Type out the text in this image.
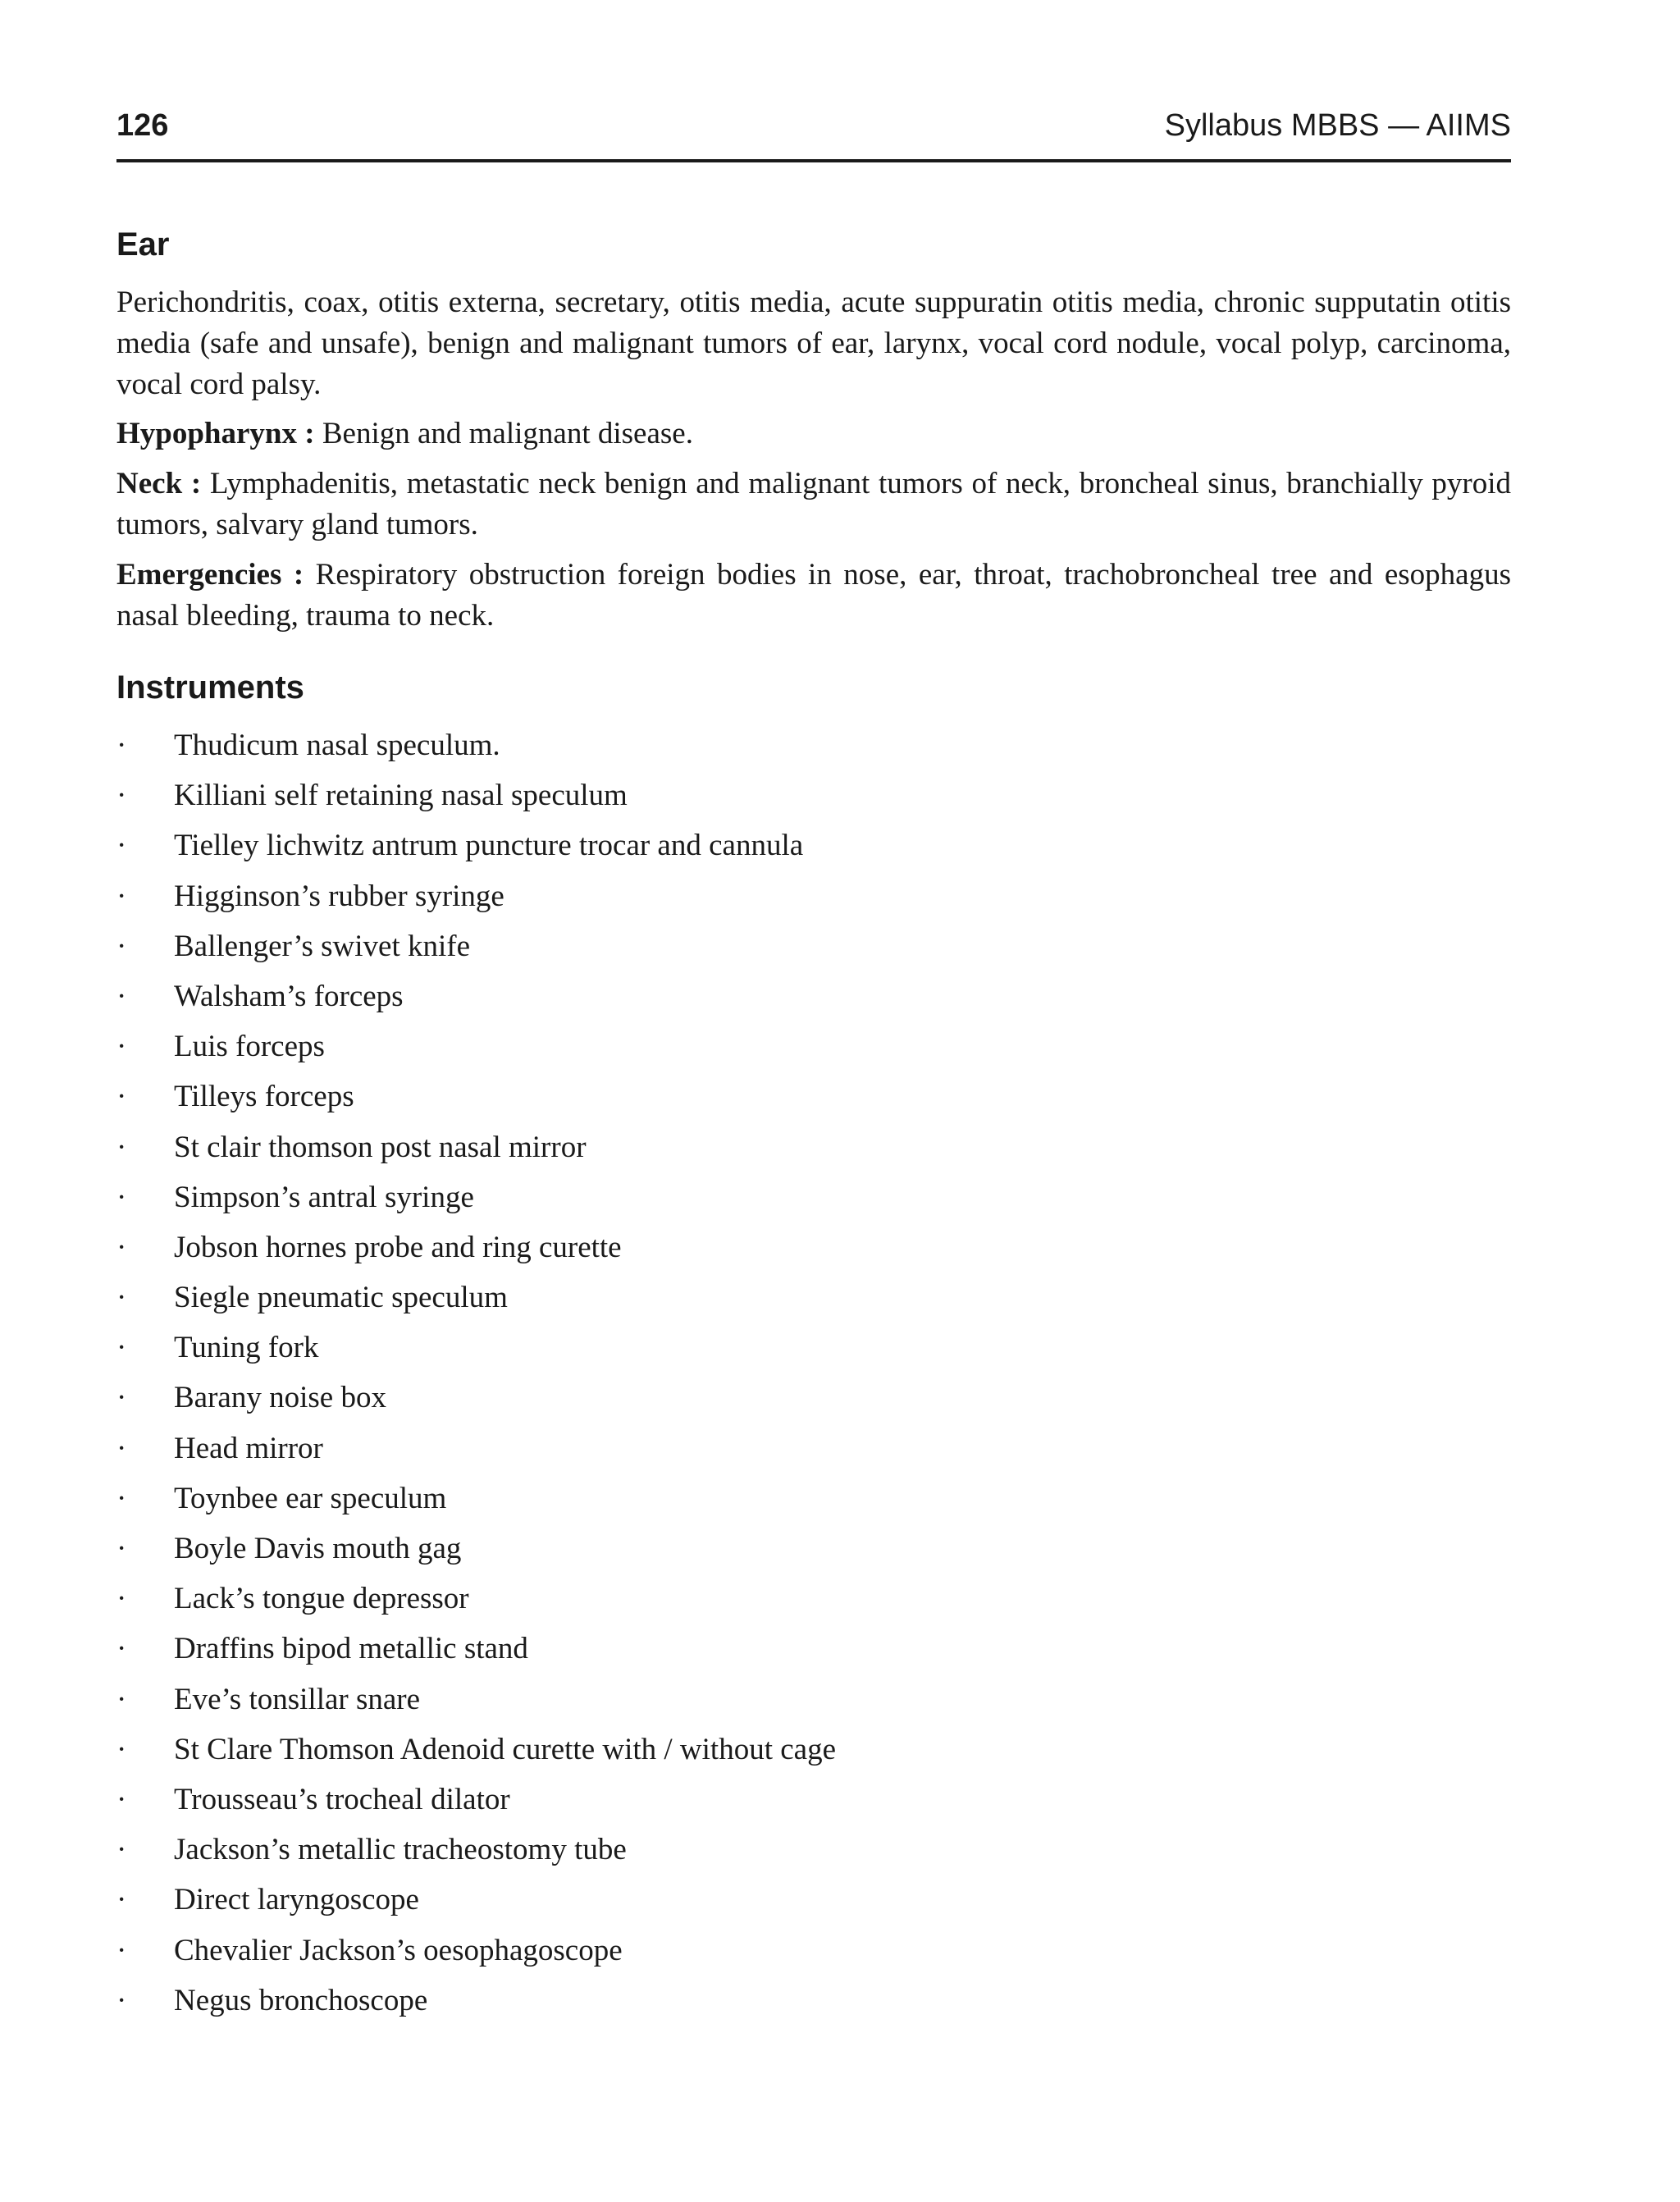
126	Syllabus MBBS — AIIMS
Ear
Perichondritis, coax, otitis externa, secretary, otitis media, acute suppuratin otitis media, chronic supputatin otitis media (safe and unsafe), benign and malignant tumors of ear, larynx, vocal cord nodule, vocal polyp, carcinoma, vocal cord palsy.
Hypopharynx : Benign and malignant disease.
Neck : Lymphadenitis, metastatic neck benign and malignant tumors of neck, broncheal sinus, branchially pyroid tumors, salvary gland tumors.
Emergencies : Respiratory obstruction foreign bodies in nose, ear, throat, trachobroncheal tree and esophagus nasal bleeding, trauma to neck.
Instruments
· Thudicum nasal speculum.
· Killiani self retaining nasal speculum
· Tielley lichwitz antrum puncture trocar and cannula
· Higginson’s rubber syringe
· Ballenger’s swivet knife
· Walsham’s forceps
· Luis forceps
· Tilleys forceps
· St clair thomson post nasal mirror
· Simpson’s antral syringe
· Jobson hornes probe and ring curette
· Siegle pneumatic speculum
· Tuning fork
· Barany noise box
· Head mirror
· Toynbee ear speculum
· Boyle Davis mouth gag
· Lack’s tongue depressor
· Draffins bipod metallic stand
· Eve’s tonsillar snare
· St Clare Thomson Adenoid curette with / without cage
· Trousseau’s trocheal dilator
· Jackson’s metallic tracheostomy tube
· Direct laryngoscope
· Chevalier Jackson’s oesophagoscope
· Negus bronchoscope
